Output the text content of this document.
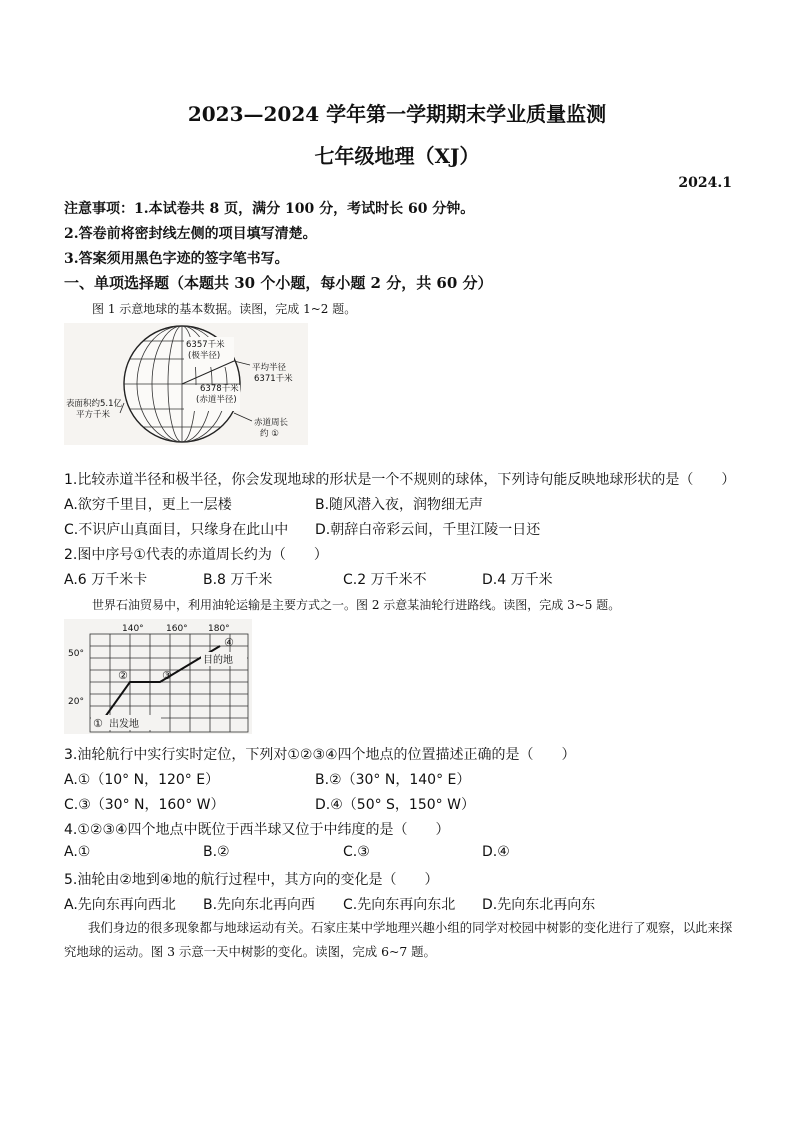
2023—2024 学年第一学期期末学业质量监测
七年级地理（XJ）
2024.1
注意事项：1.本试卷共 8 页，满分 100 分，考试时长 60 分钟。
2.答卷前将密封线左侧的项目填写清楚。
3.答案须用黑色字迹的签字笔书写。
一、单项选择题（本题共 30 个小题，每小题 2 分，共 60 分）
图 1 示意地球的基本数据。读图，完成 1~2 题。
6357千米
(极半径)
6378千米
(赤道半径)
平均半径
6371千米
表面积约5.1亿
平方千米
赤道周长
约 ①
1.比较赤道半径和极半径，你会发现地球的形状是一个不规则的球体，下列诗句能反映地球形状的是（　　）
A.欲穷千里目，更上一层楼	B.随风潜入夜，润物细无声
C.不识庐山真面目，只缘身在此山中 D.朝辞白帝彩云间，千里江陵一日还
2.图中序号①代表的赤道周长约为（　　）
A.6 万千米卡	B.8 万千米	C.2 万千米不	D.4 万千米
世界石油贸易中，利用油轮运输是主要方式之一。图 2 示意某油轮行进路线。读图，完成 3~5 题。
140° 160° 180°
50°
20°
① 出发地
②	③
④
目的地
3.油轮航行中实行实时定位，下列对①②③④四个地点的位置描述正确的是（　　）
A.①（10° N，120° E）	B.②（30° N，140° E）
C.③（30° N，160° W）	D.④（50° S，150° W）
4.①②③④四个地点中既位于西半球又位于中纬度的是（　　）
A.①	B.②	C.③	D.④
5.油轮由②地到④地的航行过程中，其方向的变化是（　　）
A.先向东再向西北 B.先向东北再向西 C.先向东再向东北 D.先向东北再向东
我们身边的很多现象都与地球运动有关。石家庄某中学地理兴趣小组的同学对校园中树影的变化进行了观察，以此来探究地球的运动。图 3 示意一天中树影的变化。读图，完成 6~7 题。
